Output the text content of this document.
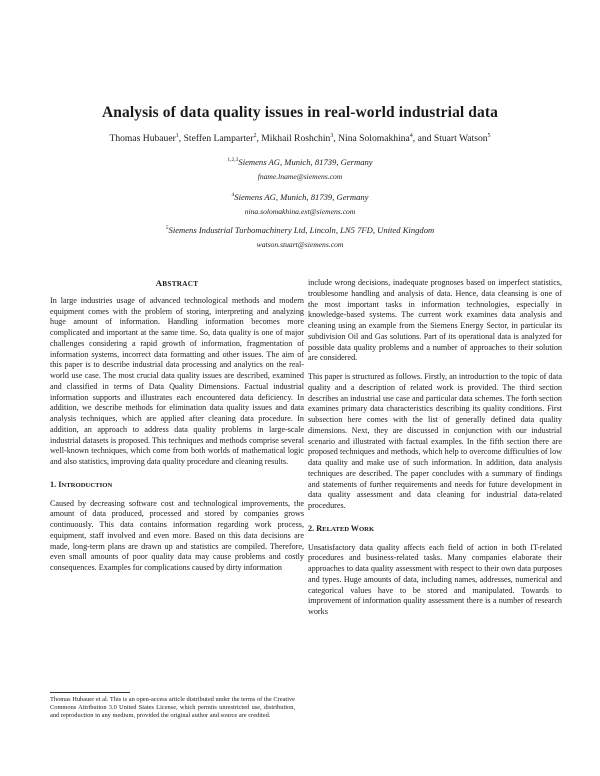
Analysis of data quality issues in real-world industrial data
Thomas Hubauer$^1$, Steffen Lamparter$^2$, Mikhail Roshchin$^3$, Nina Solomakhina$^4$, and Stuart Watson$^5$
$^{1,2,3}$Siemens AG, Munich, 81739, Germany
fname.lname@siemens.com
$^4$Siemens AG, Munich, 81739, Germany
nina.solomakhina.ext@siemens.com
$^5$Siemens Industrial Turbomachinery Ltd, Lincoln, LN5 7FD, United Kingdom
watson.stuart@siemens.com
ABSTRACT

In large industries usage of advanced technological methods and modern equipment comes with the problem of storing, interpreting and analyzing huge amount of information. Handling information becomes more complicated and important at the same time. So, data quality is one of major challenges considering a rapid growth of information, fragmentation of information systems, incorrect data formatting and other issues. The aim of this paper is to describe industrial data processing and analytics on the real-world use case. The most crucial data quality issues are described, examined and classified in terms of Data Quality Dimensions. Factual industrial information supports and illustrates each encountered data deficiency. In addition, we describe methods for elimination data quality issues and data analysis techniques, which are applied after cleaning data procedure. In addition, an approach to address data quality problems in large-scale industrial datasets is proposed. This techniques and methods comprise several well-known techniques, which come from both worlds of mathematical logic and also statistics, improving data quality procedure and cleaning results.

1. INTRODUCTION

Caused by decreasing software cost and technological improvements, the amount of data produced, processed and stored by companies grows continuously. This data contains information regarding work process, equipment, staff involved and even more. Based on this data decisions are made, long-term plans are drawn up and statistics are compiled. Therefore, even small amounts of poor quality data may cause problems and costly consequences. Examples for complications caused by dirty information

Thomas Hubauer et al. This is an open-access article distributed under the terms of the Creative Commons Attribution 3.0 United States License, which permits unrestricted use, distribution, and reproduction in any medium, provided the original author and source are credited.

include wrong decisions, inadequate prognoses based on imperfect statistics, troublesome handling and analysis of data. Hence, data cleansing is one of the most important tasks in information technologies, especially in knowledge-based systems. The current work examines data analysis and cleaning using an example from the Siemens Energy Sector, in particular its subdivision Oil and Gas solutions. Part of its operational data is analyzed for possible data quality problems and a number of approaches to their solution are considered.

This paper is structured as follows. Firstly, an introduction to the topic of data quality and a description of related work is provided. The third section describes an industrial use case and particular data schemes. The forth section examines primary data characteristics describing its quality conditions. First subsection here comes with the list of generally defined data quality dimensions. Next, they are discussed in conjunction with our industrial scenario and illustrated with factual examples. In the fifth section there are proposed techniques and methods, which help to overcome difficulties of low data quality and make use of such information. In addition, data analysis techniques are described. The paper concludes with a summary of findings and statements of further requirements and needs for future development in data quality assessment and data cleaning for industrial data-related procedures.

2. RELATED WORK

Unsatisfactory data quality affects each field of action in both IT-related procedures and business-related tasks. Many companies elaborate their approaches to data quality assessment with respect to their own data purposes and types. Huge amounts of data, including names, addresses, numerical and categorical values have to be stored and manipulated. Towards to improvement of information quality assessment there is a number of research works
